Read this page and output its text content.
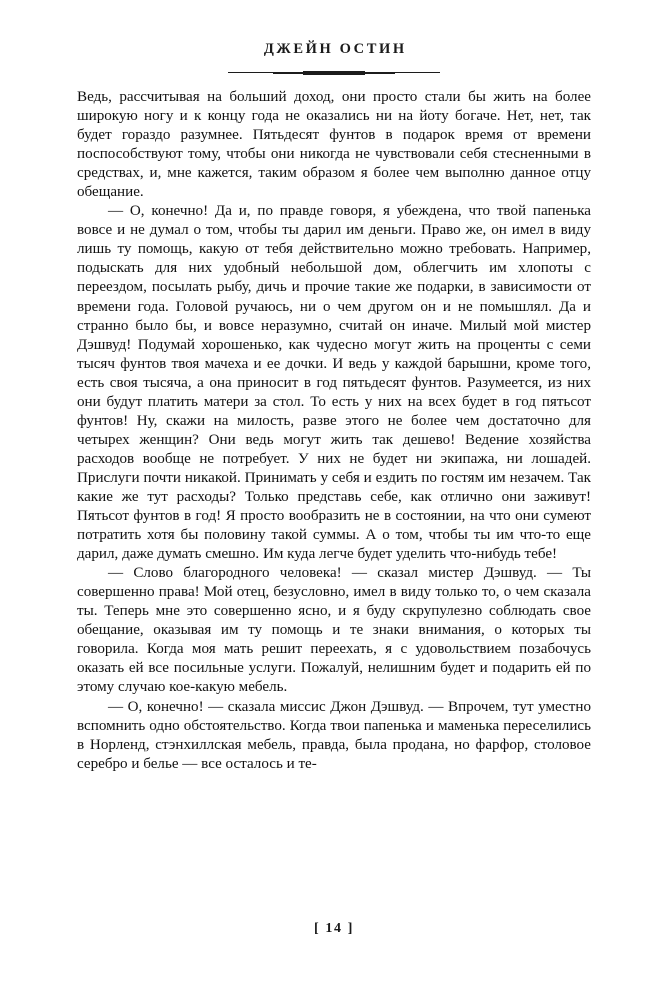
ДЖЕЙН ОСТИН

Ведь, рассчитывая на больший доход, они просто стали бы жить на более широкую ногу и к концу года не оказались ни на йоту богаче. Нет, нет, так будет гораздо разумнее. Пятьдесят фунтов в подарок время от времени поспособствуют тому, чтобы они никогда не чувствовали себя стесненными в средствах, и, мне кажется, таким образом я более чем выполню данное отцу обещание.

— О, конечно! Да и, по правде говоря, я убеждена, что твой папенька вовсе и не думал о том, чтобы ты дарил им деньги. Право же, он имел в виду лишь ту помощь, какую от тебя действительно можно требовать. Например, подыскать для них удобный небольшой дом, облегчить им хлопоты с переездом, посылать рыбу, дичь и прочие такие же подарки, в зависимости от времени года. Головой ручаюсь, ни о чем другом он и не помышлял. Да и странно было бы, и вовсе неразумно, считай он иначе. Милый мой мистер Дэшвуд! Подумай хорошенько, как чудесно могут жить на проценты с семи тысяч фунтов твоя мачеха и ее дочки. И ведь у каждой барышни, кроме того, есть своя тысяча, а она приносит в год пятьдесят фунтов. Разумеется, из них они будут платить матери за стол. То есть у них на всех будет в год пятьсот фунтов! Ну, скажи на милость, разве этого не более чем достаточно для четырех женщин? Они ведь могут жить так дешево! Ведение хозяйства расходов вообще не потребует. У них не будет ни экипажа, ни лошадей. Прислуги почти никакой. Принимать у себя и ездить по гостям им незачем. Так какие же тут расходы? Только представь себе, как отлично они заживут! Пятьсот фунтов в год! Я просто вообразить не в состоянии, на что они сумеют потратить хотя бы половину такой суммы. А о том, чтобы ты им что-то еще дарил, даже думать смешно. Им куда легче будет уделить что-нибудь тебе!

— Слово благородного человека! — сказал мистер Дэшвуд. — Ты совершенно права! Мой отец, безусловно, имел в виду только то, о чем сказала ты. Теперь мне это совершенно ясно, и я буду скрупулезно соблюдать свое обещание, оказывая им ту помощь и те знаки внимания, о которых ты говорила. Когда моя мать решит переехать, я с удовольствием позабочусь оказать ей все посильные услуги. Пожалуй, нелишним будет и подарить ей по этому случаю кое-какую мебель.

— О, конечно! — сказала миссис Джон Дэшвуд. — Впрочем, тут уместно вспомнить одно обстоятельство. Когда твои папенька и маменька переселились в Норленд, стэнхиллская мебель, правда, была продана, но фарфор, столовое серебро и белье — все осталось и те-

[ 14 ]
